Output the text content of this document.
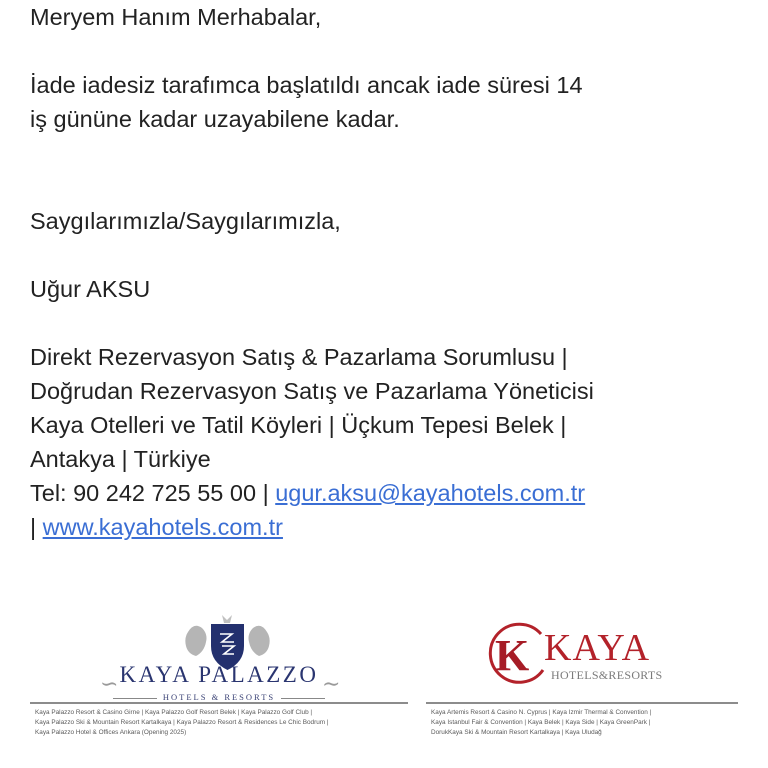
Meryem Hanım Merhabalar,
İade iadesiz tarafımca başlatıldı ancak iade süresi 14
iş gününe kadar uzayabilene kadar.
Saygılarımızla/Saygılarımızla,
Uğur AKSU
Direkt Rezervasyon Satış & Pazarlama Sorumlusu |
Doğrudan Rezervasyon Satış ve Pazarlama Yöneticisi
Kaya Otelleri ve Tatil Köyleri | Üçkum Tepesi Belek |
Antakya | Türkiye
Tel: 90 242 725 55 00 | ugur.aksu@kayahotels.com.tr
| www.kayahotels.com.tr
∽ KAYA PALAZZO
HOTELS & RESORTS	∼
Kaya Palazzo Resort & Casino Girne | Kaya Palazzo Golf Resort Belek | Kaya Palazzo Golf Club |
Kaya Palazzo Ski & Mountain Resort Kartalkaya | Kaya Palazzo Resort & Residences Le Chic Bodrum |
Kaya Palazzo Hotel & Offices Ankara (Opening 2025)
K KAYA
HOTELS&RESORTS
Kaya Artemis Resort & Casino N. Cyprus | Kaya Izmir Thermal & Convention |
Kaya Istanbul Fair & Convention | Kaya Belek | Kaya Side | Kaya GreenPark |
DorukKaya Ski & Mountain Resort Kartalkaya | Kaya Uludağ
